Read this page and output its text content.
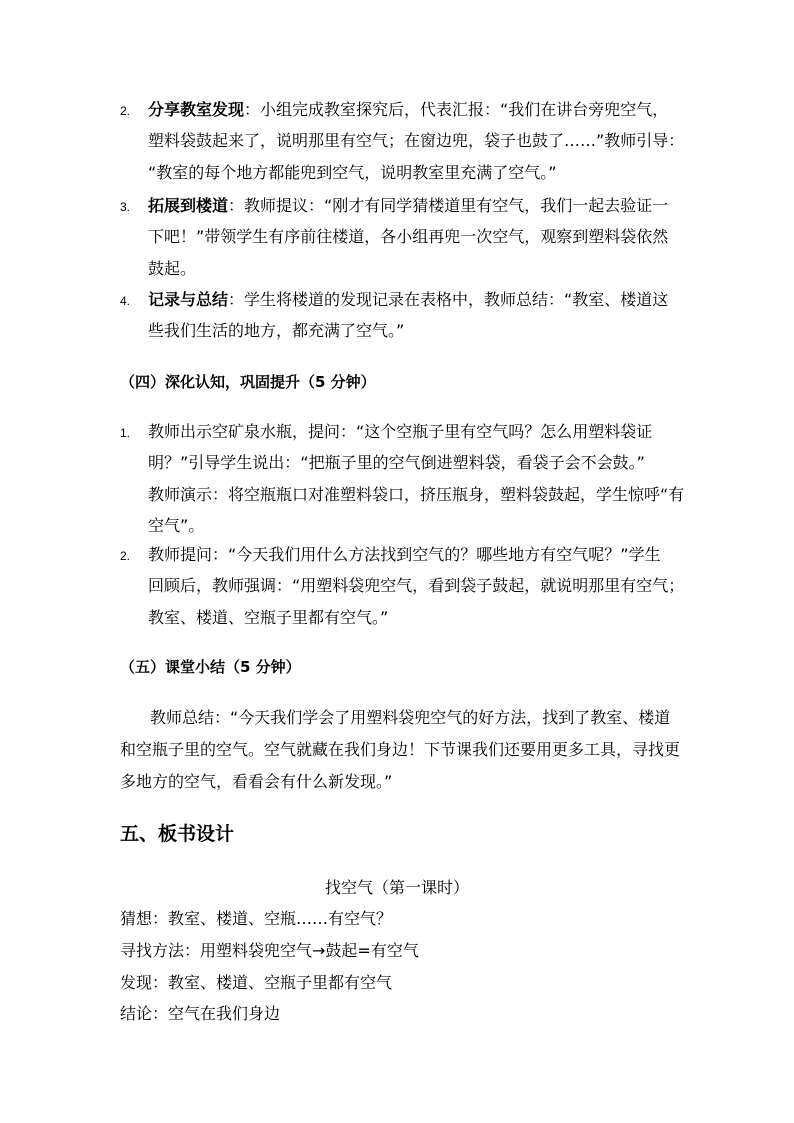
2. 分享教室发现：小组完成教室探究后，代表汇报：“我们在讲台旁兜空气，
塑料袋鼓起来了，说明那里有空气；在窗边兜，袋子也鼓了……”教师引导：
“教室的每个地方都能兜到空气，说明教室里充满了空气。”
3. 拓展到楼道：教师提议：“刚才有同学猜楼道里有空气，我们一起去验证一
下吧！”带领学生有序前往楼道，各小组再兜一次空气，观察到塑料袋依然
鼓起。
4. 记录与总结：学生将楼道的发现记录在表格中，教师总结：“教室、楼道这
些我们生活的地方，都充满了空气。”
（四）深化认知，巩固提升（5 分钟）
1. 教师出示空矿泉水瓶，提问：“这个空瓶子里有空气吗？怎么用塑料袋证
明？”引导学生说出：“把瓶子里的空气倒进塑料袋，看袋子会不会鼓。”
教师演示：将空瓶瓶口对准塑料袋口，挤压瓶身，塑料袋鼓起，学生惊呼“有
空气”。
2. 教师提问：“今天我们用什么方法找到空气的？哪些地方有空气呢？”学生
回顾后，教师强调：“用塑料袋兜空气，看到袋子鼓起，就说明那里有空气；
教室、楼道、空瓶子里都有空气。”
（五）课堂小结（5 分钟）
教师总结：“今天我们学会了用塑料袋兜空气的好方法，找到了教室、楼道
和空瓶子里的空气。空气就藏在我们身边！下节课我们还要用更多工具，寻找更
多地方的空气，看看会有什么新发现。”
五、板书设计
找空气（第一课时）
猜想：教室、楼道、空瓶……有空气？
寻找方法：用塑料袋兜空气→鼓起=有空气
发现：教室、楼道、空瓶子里都有空气
结论：空气在我们身边
